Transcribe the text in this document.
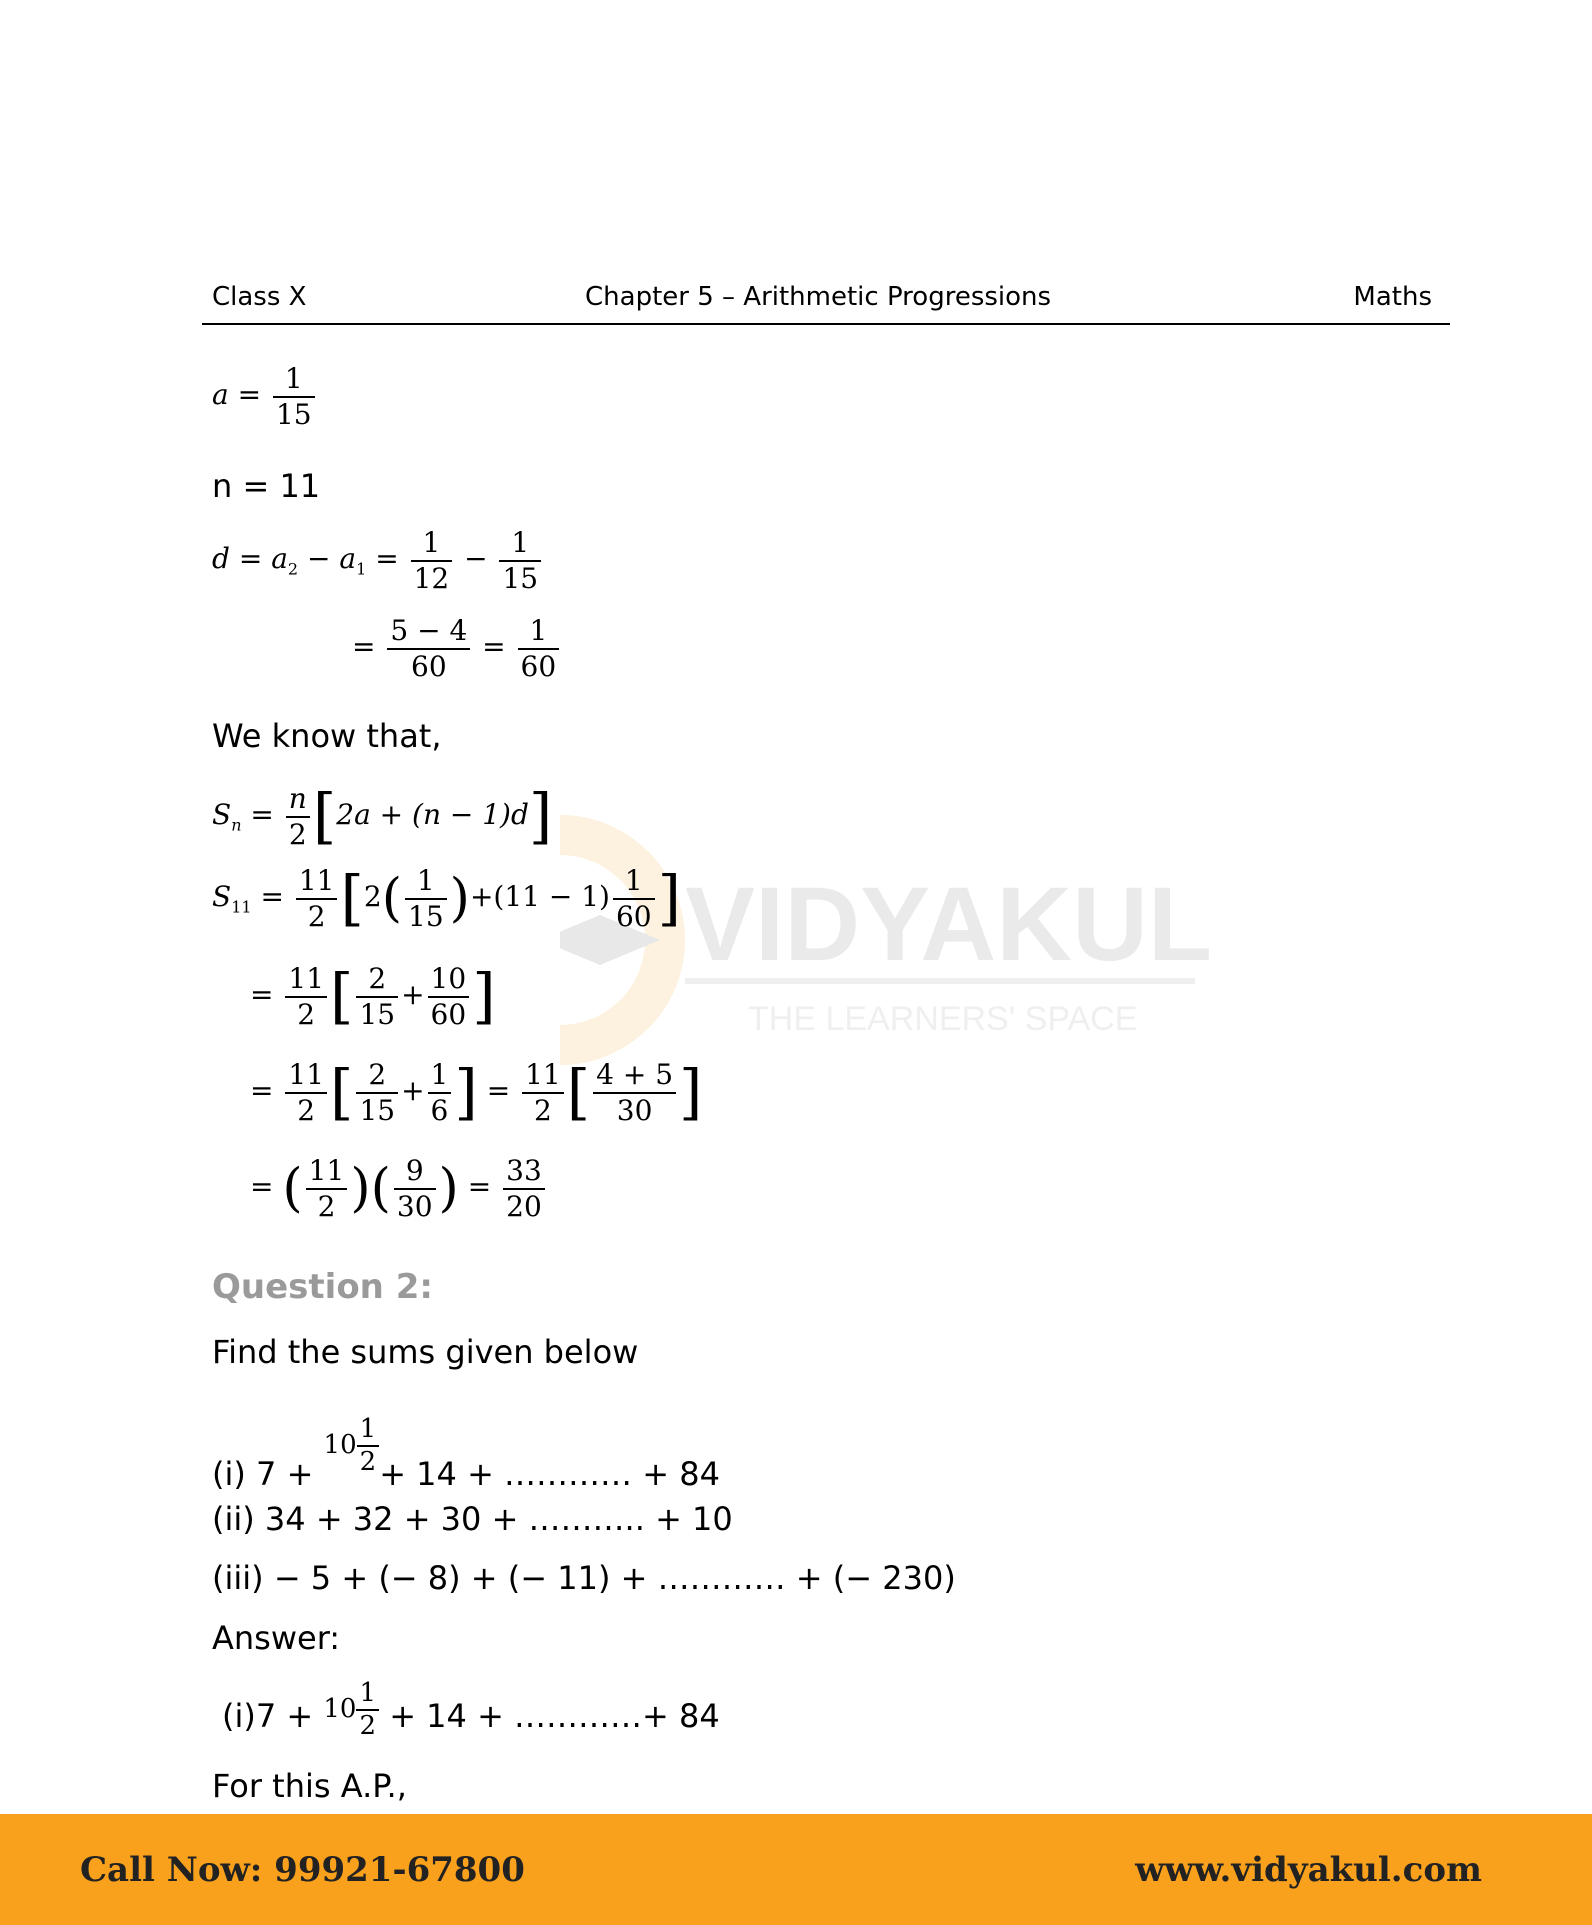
Class X	Chapter 5 – Arithmetic Progressions	Maths
VIDYAKUL
THE LEARNERS' SPACE
$a = \frac{1}{15}$
n = 11
$d = a_2 - a_1 = \frac{1}{12} - \frac{1}{15}$
= $\frac{5 - 4}{60} = \frac{1}{60}$
We know that,
$S_n = \frac{n}{2} [2a + (n - 1)d]$
$S_{11} = \frac{11}{2} [2( \frac{1}{15} )+(11 - 1) \frac{1}{60}$ ]
= $\frac{11}{2}$ [ $\frac{2}{15} + \frac{10}{60}$ ]
= $\frac{11}{2}$ [ $\frac{2}{15} + \frac{1}{6}$ ] = $\frac{11}{2}$ [ $\frac{4 + 5}{30}$ ]
= ( $\frac{11}{2}$ )( $\frac{9}{30}$ ) = $\frac{33}{20}$
Question 2:
Find the sums given below
(i) $7 + 10 \frac{1}{2} + 14$ + ………… + 84
(ii) 34 + 32 + 30 + ……….. + 10
(iii) − 5 + (− 8) + (− 11) + ………… + (− 230)
Answer:
$(i)7 + 10 \frac{1}{2} + 14$ + …………+ 84
For this A.P.,
Call Now: 99921-67800	www.vidyakul.com
